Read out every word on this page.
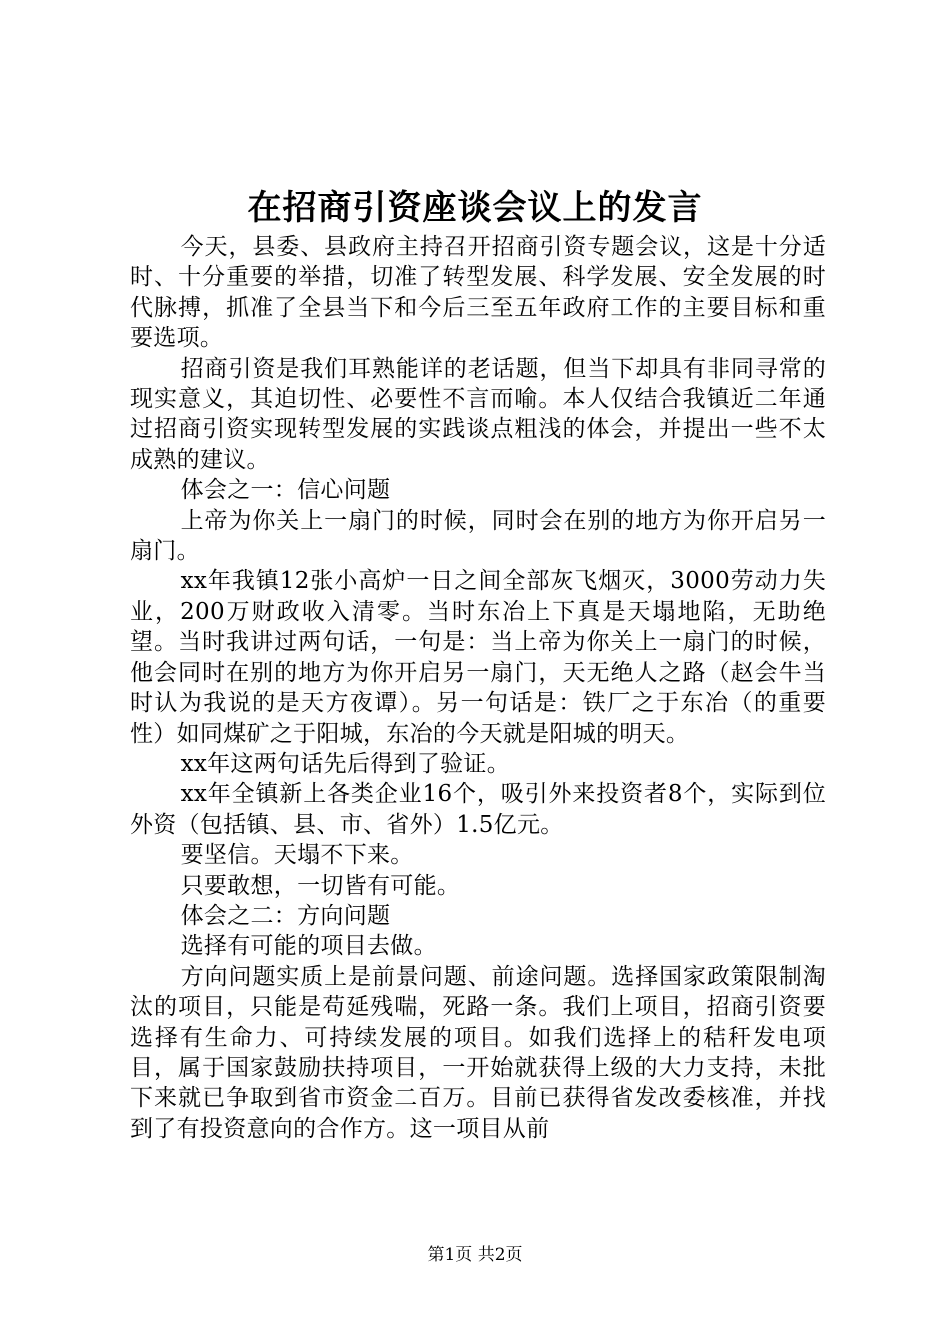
在招商引资座谈会议上的发言

今天，县委、县政府主持召开招商引资专题会议，这是十分适时、十分重要的举措，切准了转型发展、科学发展、安全发展的时代脉搏，抓准了全县当下和今后三至五年政府工作的主要目标和重要选项。

招商引资是我们耳熟能详的老话题，但当下却具有非同寻常的现实意义，其迫切性、必要性不言而喻。本人仅结合我镇近二年通过招商引资实现转型发展的实践谈点粗浅的体会，并提出一些不太成熟的建议。

体会之一：信心问题

上帝为你关上一扇门的时候，同时会在别的地方为你开启另一扇门。

xx年我镇12张小高炉一日之间全部灰飞烟灭，3000劳动力失业，200万财政收入清零。当时东冶上下真是天塌地陷，无助绝望。当时我讲过两句话，一句是：当上帝为你关上一扇门的时候，他会同时在别的地方为你开启另一扇门，天无绝人之路（赵会牛当时认为我说的是天方夜谭）。另一句话是：铁厂之于东冶（的重要性）如同煤矿之于阳城，东冶的今天就是阳城的明天。

xx年这两句话先后得到了验证。

xx年全镇新上各类企业16个，吸引外来投资者8个，实际到位外资（包括镇、县、市、省外）1.5亿元。

要坚信。天塌不下来。

只要敢想，一切皆有可能。

体会之二：方向问题

选择有可能的项目去做。

方向问题实质上是前景问题、前途问题。选择国家政策限制淘汰的项目，只能是苟延残喘，死路一条。我们上项目，招商引资要选择有生命力、可持续发展的项目。如我们选择上的秸秆发电项目，属于国家鼓励扶持项目，一开始就获得上级的大力支持，未批下来就已争取到省市资金二百万。目前已获得省发改委核准，并找到了有投资意向的合作方。这一项目从前

第1页 共2页
